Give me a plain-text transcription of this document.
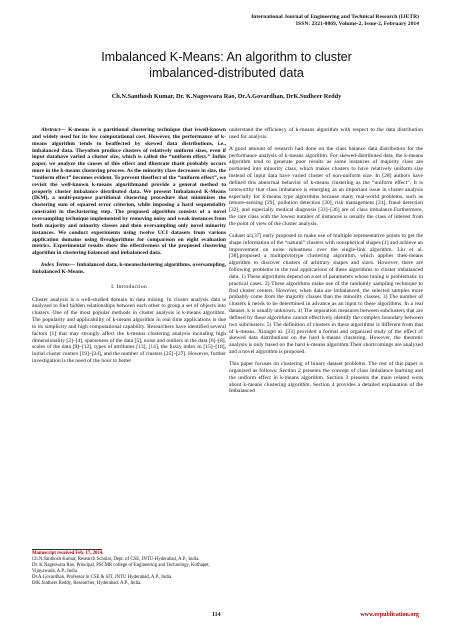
International Journal of Engineering and Technical Research (IJETR)
ISSN: 2321-0869, Volume-2, Issue-2, February 2014
Imbalanced K-Means: An algorithm to cluster
imbalanced-distributed data
Ch.N.Santhosh Kumar, Dr. K.Nageswara Rao, Dr.A.Govardhan, DrK.Sudheer Reddy

Abstract— K-means is a partitional clustering technique that iswell-known and widely used for its low computational cost. However, the performance of k-means algorithm tends to beaffected by skewed data distributions, i.e., imbalanced data. Theyoften produce clusters of relatively uniform sizes, even if input datahave varied a cluster size, which is called the “uniform effect.” Inthis paper, we analyze the causes of this effect and illustrate thatit probably occurs more in the k-means clustering process. As the minority class decreases in size, the “uniform effect” becomes evident. To prevent theeffect of the “uniform effect”, we revisit the well-known k-means algorithmand provide a general method to properly cluster imbalance distributed data. We present Imbalanced K-Means (IKM), a multi-purpose partitional clustering procedure that minimizes the clustering sum of squared error criterion, while imposing a hard sequentiality constraint in theclustering step. The proposed algorithm consists of a novel oversampling technique implemented by removing noisy and weak instances from both majority and minority classes and then oversampling only novel minority instances. We conduct experiments using twelve UCI datasets from various application domains using fivealgorithms for comparison on eight evaluation metrics. Experimental results show the effectiveness of the proposed clustering algorithm in clustering balanced and imbalanced data.

Index Terms— Imbalanced data, k-meansclustering algorithms, oversampling, Imbalanced K-Means.

I. Introduction

Cluster analysis is a well-studied domain in data mining. In cluster analysis data is analyzed to find hidden relationships between each other to group a set of objects into clusters. One of the most popular methods in cluster analysis is k-means algorithm. The popularity and applicability of k-means algorithm in real time applications is due to its simplicity and high computational capability. Researchers have identified several factors [1] that may strongly affect the k-means clustering analysis including high dimensionality [2]–[4], sparseness of the data [5], noise and outliers in the data [6]–[8], scales of the data [9]–[12], types of attributes [13], [14], the fuzzy index m [15]–[18], initial cluster centers [19]–[24], and the number of clusters [25]–[27]. However, further investigation is the need of the hour to better

understand the efficiency of k-means algorithm with respect to the data distribution used for analysis.

A good amount of research had done on the class balance data distribution for the performance analysis of k-means algorithm. For skewed-distributed data, the k-means algorithm tend to generate poor results as some instances of majority class are portioned into minority class, which makes clusters to have relatively uniform size instead of input data have varied cluster of non-uniform size. In [28] authors have defined this abnormal behavior of k-means clustering as the “uniform effect”. It is noteworthy that class imbalance is emerging as an important issue in cluster analysis especially for k-means type algorithms because many real-world problems, such as remote-sensing [29], pollution detection [30], risk management [31], fraud detection [32], and especially medical diagnosis [33]–[36] are of class imbalance.Furthermore, the rare class with the lowest number of instances is usually the class of interest from the point of view of the cluster analysis.

Guhaet al.[37] early proposed to make use of multiple representative points to get the shape information of the “natural” clusters with nonspherical shapes [1] and achieve an improvement on noise robustness over the single-link algorithm. Liu et al. [38],proposed a multiprototype clustering algorithm, which applies thek-means algorithm to discover clusters of arbitrary shapes and sizes. However, there are following problems in the real applications of these algorithms to cluster imbalanced data. 1) These algorithms depend on a set of parameters whose tuning is problematic in practical cases. 2) These algorithms make use of the randomly sampling technique to find cluster centers. However, when data are imbalanced, the selected samples more probably come from the majority classes than the minority classes. 3) The number of clusters k needs to be determined in advance as an input to these algorithms. In a real dataset, k is usually unknown. 4) The separation measures between subclusters that are defined by these algorithms cannot effectively identify the complex boundary between two subclusters. 5) The definition of clusters in these algorithms is different from that of k-means. Xionget al. [33] provided a formal and organized study of the effect of skewed data distributions on the hard k-means clustering. However, the theoretic analysis is only based on the hard k-means algorithm.Their shortcomings are analyzed and a novel algorithm is proposed.

This paper focuses on clustering of binary dataset problems. The rest of this paper is organized as follows: Section 2 presents the concept of class imbalance learning and the uniform effect in k-means algorithm. Section 3 presents the main related work about k-means clustering algorithm. Section 4 provides a detailed explanation of the Imbalanced

Manuscript received Feb. 17, 2014.
Ch.N.Santhosh Kumar, Research Scholar, Dept. of CSE, JNTU-Hyderabad, A.P., India.
Dr. K.Nageswara Rao, Principal, PSCMR college of Engineering and Technology, Kothapet, Vijayawada, A.P., India.
Dr.A.Govardhan, Professor in CSE & SIT, JNTU Hyderabad, A.P., India.
DrK.Sudheer Reddy, Researcher, Hyderabad. A.P., India.
114	www.erpublication.org
